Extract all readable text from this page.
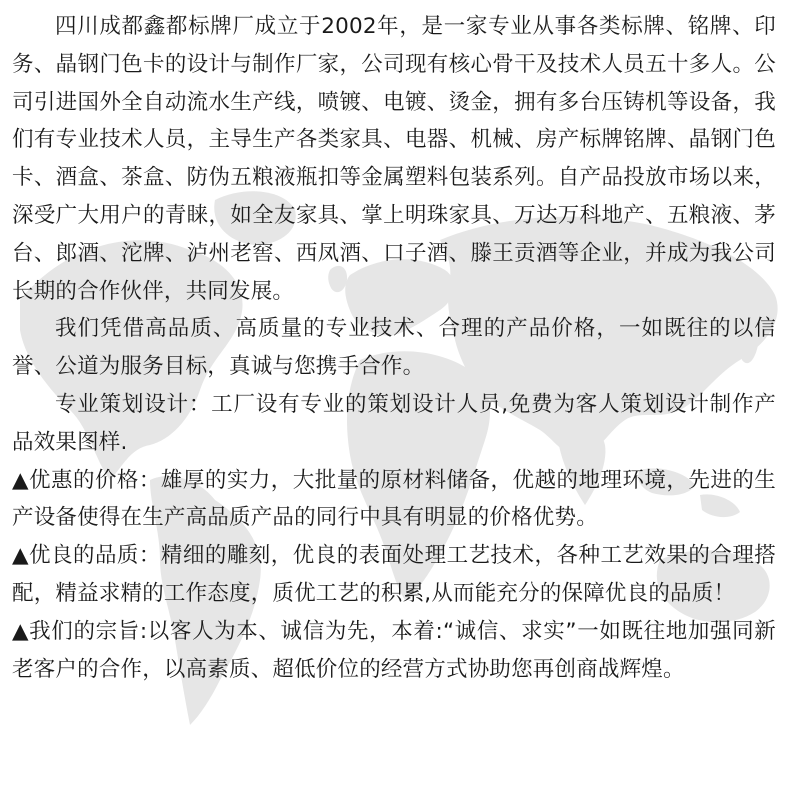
四川成都鑫都标牌厂成立于2002年，是一家专业从事各类标牌、铭牌、印务、晶钢门色卡的设计与制作厂家，公司现有核心骨干及技术人员五十多人。公司引进国外全自动流水生产线，喷镀、电镀、烫金，拥有多台压铸机等设备，我们有专业技术人员，主导生产各类家具、电器、机械、房产标牌铭牌、晶钢门色卡、酒盒、茶盒、防伪五粮液瓶扣等金属塑料包装系列。自产品投放市场以来，深受广大用户的青睐，如全友家具、掌上明珠家具、万达万科地产、五粮液、茅台、郎酒、沱牌、泸州老窖、西凤酒、口子酒、滕王贡酒等企业，并成为我公司长期的合作伙伴，共同发展。

我们凭借高品质、高质量的专业技术、合理的产品价格，一如既往的以信誉、公道为服务目标，真诚与您携手合作。

专业策划设计：工厂设有专业的策划设计人员,免费为客人策划设计制作产品效果图样.

▲优惠的价格：雄厚的实力，大批量的原材料储备，优越的地理环境，先进的生产设备使得在生产高品质产品的同行中具有明显的价格优势。

▲优良的品质：精细的雕刻，优良的表面处理工艺技术，各种工艺效果的合理搭配，精益求精的工作态度，质优工艺的积累,从而能充分的保障优良的品质！

▲我们的宗旨:以客人为本、诚信为先，本着:“诚信、求实”一如既往地加强同新老客户的合作，以高素质、超低价位的经营方式协助您再创商战辉煌。
